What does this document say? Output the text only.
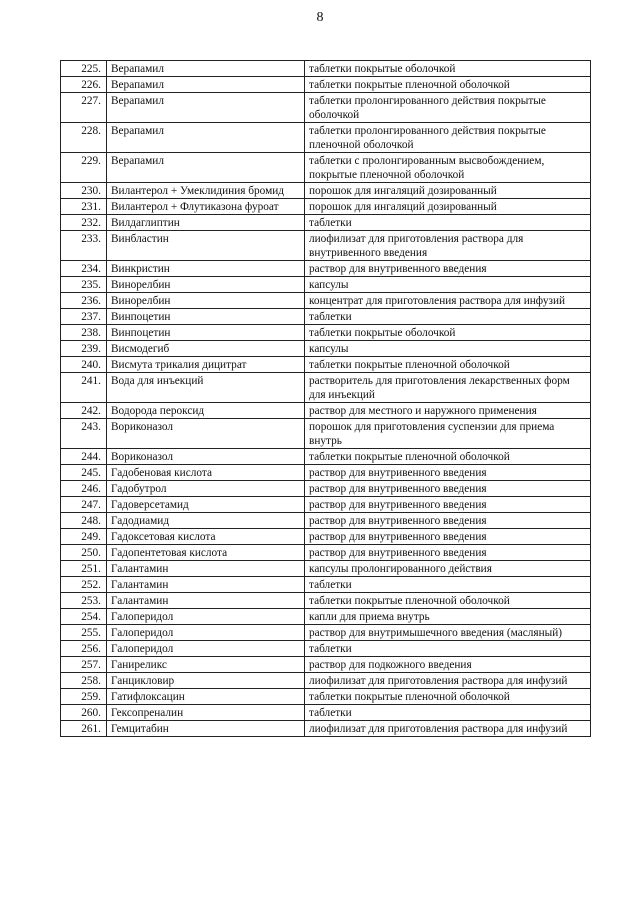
8
225.	Верапамил	таблетки покрытые оболочкой
226.	Верапамил	таблетки покрытые пленочной оболочкой
227.	Верапамил	таблетки пролонгированного действия покрытые оболочкой
228.	Верапамил	таблетки пролонгированного действия покрытые пленочной оболочкой
229.	Верапамил	таблетки с пролонгированным высвобождением, покрытые пленочной оболочкой
230.	Вилантерол + Умеклидиния бромид	порошок для ингаляций дозированный
231.	Вилантерол + Флутиказона фуроат	порошок для ингаляций дозированный
232.	Вилдаглиптин	таблетки
233.	Винбластин	лиофилизат для приготовления раствора для внутривенного введения
234.	Винкристин	раствор для внутривенного введения
235.	Винорелбин	капсулы
236.	Винорелбин	концентрат для приготовления раствора для инфузий
237.	Винпоцетин	таблетки
238.	Винпоцетин	таблетки покрытые оболочкой
239.	Висмодегиб	капсулы
240.	Висмута трикалия дицитрат	таблетки покрытые пленочной оболочкой
241.	Вода для инъекций	растворитель для приготовления лекарственных форм для инъекций
242.	Водорода пероксид	раствор для местного и наружного применения
243.	Вориконазол	порошок для приготовления суспензии для приема внутрь
244.	Вориконазол	таблетки покрытые пленочной оболочкой
245.	Гадобеновая кислота	раствор для внутривенного введения
246.	Гадобутрол	раствор для внутривенного введения
247.	Гадоверсетамид	раствор для внутривенного введения
248.	Гадодиамид	раствор для внутривенного введения
249.	Гадоксетовая кислота	раствор для внутривенного введения
250.	Гадопентетовая кислота	раствор для внутривенного введения
251.	Галантамин	капсулы пролонгированного действия
252.	Галантамин	таблетки
253.	Галантамин	таблетки покрытые пленочной оболочкой
254.	Галоперидол	капли для приема внутрь
255.	Галоперидол	раствор для внутримышечного введения (масляный)
256.	Галоперидол	таблетки
257.	Ганиреликс	раствор для подкожного введения
258.	Ганцикловир	лиофилизат для приготовления раствора для инфузий
259.	Гатифлоксацин	таблетки покрытые пленочной оболочкой
260.	Гексопреналин	таблетки
261.	Гемцитабин	лиофилизат для приготовления раствора для инфузий
